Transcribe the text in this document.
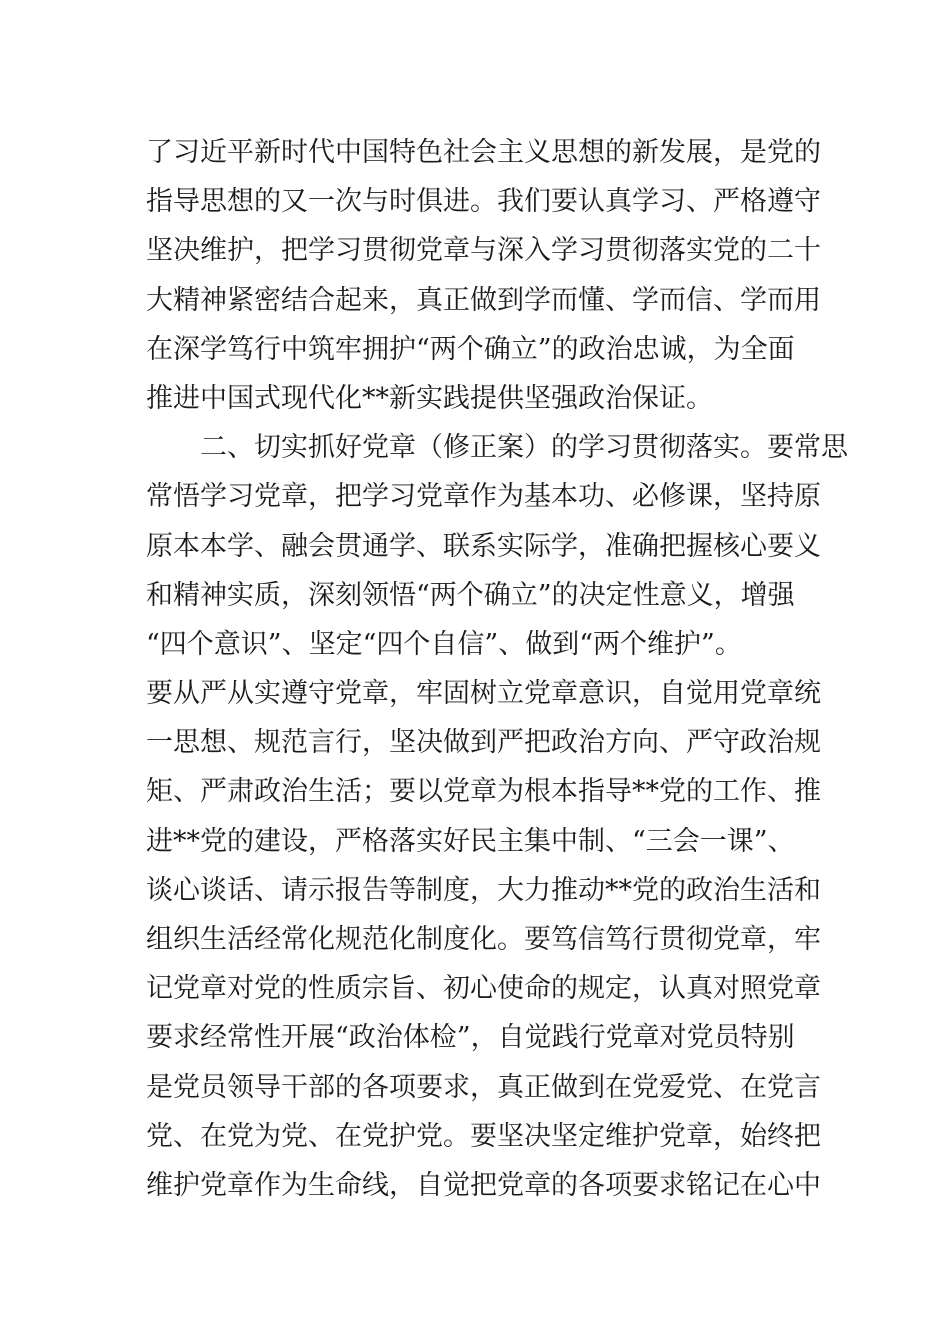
了习近平新时代中国特色社会主义思想的新发展，是党的
指导思想的又一次与时俱进。我们要认真学习、严格遵守
坚决维护，把学习贯彻党章与深入学习贯彻落实党的二十
大精神紧密结合起来，真正做到学而懂、学而信、学而用
在深学笃行中筑牢拥护“两个确立”的政治忠诚，为全面
推进中国式现代化**新实践提供坚强政治保证。
　　二、切实抓好党章（修正案）的学习贯彻落实。要常思
常悟学习党章，把学习党章作为基本功、必修课，坚持原
原本本学、融会贯通学、联系实际学，准确把握核心要义
和精神实质，深刻领悟“两个确立”的决定性意义，增强
“四个意识”、坚定“四个自信”、做到“两个维护”。
要从严从实遵守党章，牢固树立党章意识，自觉用党章统
一思想、规范言行，坚决做到严把政治方向、严守政治规
矩、严肃政治生活；要以党章为根本指导**党的工作、推
进**党的建设，严格落实好民主集中制、“三会一课”、
谈心谈话、请示报告等制度，大力推动**党的政治生活和
组织生活经常化规范化制度化。要笃信笃行贯彻党章，牢
记党章对党的性质宗旨、初心使命的规定，认真对照党章
要求经常性开展“政治体检”，自觉践行党章对党员特别
是党员领导干部的各项要求，真正做到在党爱党、在党言
党、在党为党、在党护党。要坚决坚定维护党章，始终把
维护党章作为生命线，自觉把党章的各项要求铭记在心中
